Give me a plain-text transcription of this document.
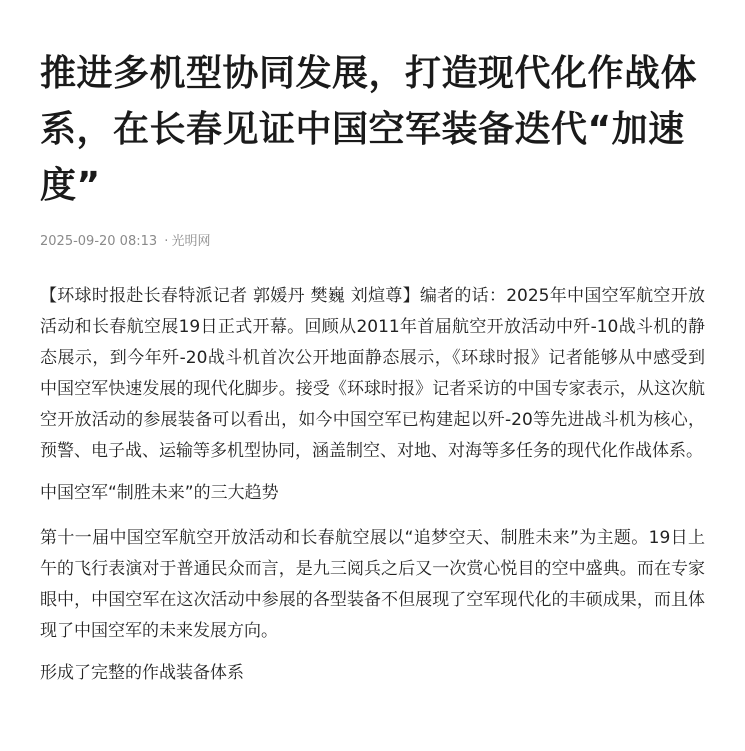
推进多机型协同发展，打造现代化作战体系，在长春见证中国空军装备迭代“加速度”
2025-09-20 08:13 · 光明网

【环球时报赴长春特派记者 郭媛丹 樊巍 刘煊尊】编者的话：2025年中国空军航空开放活动和长春航空展19日正式开幕。回顾从2011年首届航空开放活动中歼-10战斗机的静态展示，到今年歼-20战斗机首次公开地面静态展示，《环球时报》记者能够从中感受到中国空军快速发展的现代化脚步。接受《环球时报》记者采访的中国专家表示，从这次航空开放活动的参展装备可以看出，如今中国空军已构建起以歼-20等先进战斗机为核心，预警、电子战、运输等多机型协同，涵盖制空、对地、对海等多任务的现代化作战体系。

中国空军“制胜未来”的三大趋势

第十一届中国空军航空开放活动和长春航空展以“追梦空天、制胜未来”为主题。19日上午的飞行表演对于普通民众而言，是九三阅兵之后又一次赏心悦目的空中盛典。而在专家眼中，中国空军在这次活动中参展的各型装备不但展现了空军现代化的丰硕成果，而且体现了中国空军的未来发展方向。

形成了完整的作战装备体系
